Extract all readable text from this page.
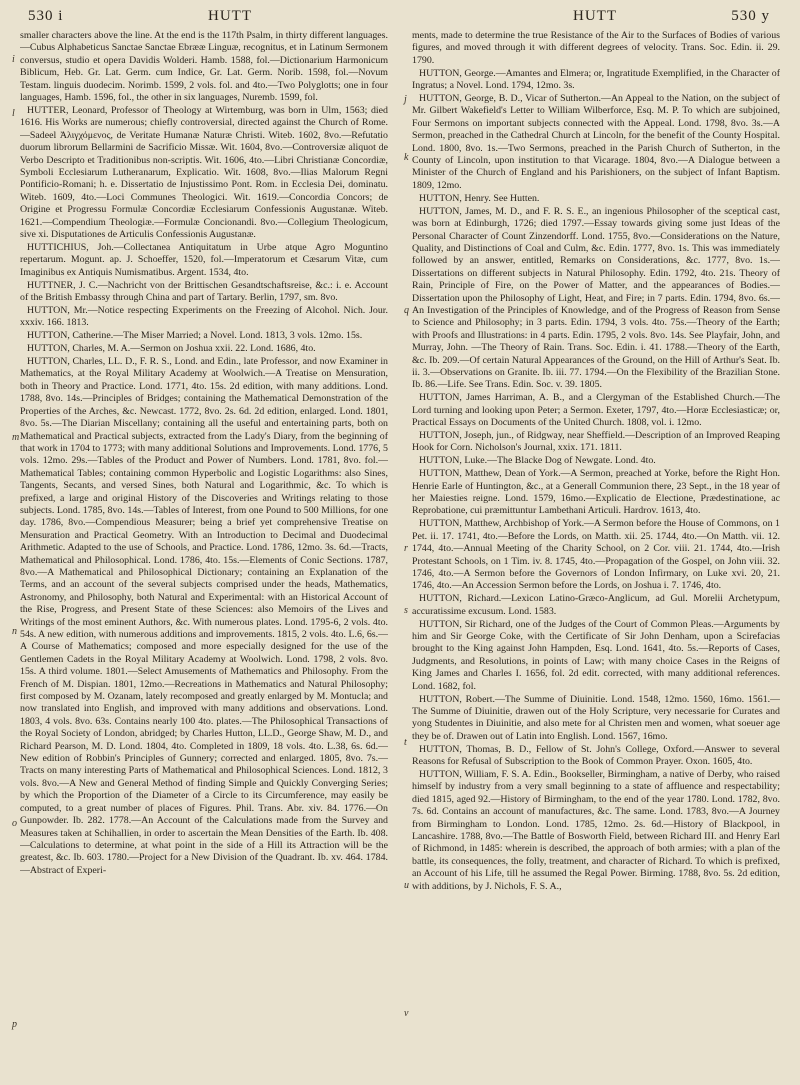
530 i	HUTT	HUTT	530 y

smaller characters above the line. At the end is the 117th Psalm, in thirty different languages.—Cubus Alphabeticus Sanctae Sanctae Ebrææ Linguæ, recognitus, et in Latinum Sermonem conversus, studio et opera Davidis Wolderi. Hamb. 1588, fol.—Dictionarium Harmonicum Biblicum, Heb. Gr. Lat. Germ. cum Indice, Gr. Lat. Germ. Norib. 1598, fol.—Novum Testam. linguis duodecim. Norimb. 1599, 2 vols. fol. and 4to.—Two Polyglotts; one in four languages, Hamb. 1596, fol., the other in six languages, Nuremb. 1599, fol.

HUTTER, Leonard, Professor of Theology at Wirtemburg, was born in Ulm, 1563; died 1616. His Works are numerous; chiefly controversial, directed against the Church of Rome.—Sadeel Ἀλιγχόμενος, de Veritate Humanæ Naturæ Christi. Witeb. 1602, 8vo.—Refutatio duorum librorum Bellarmini de Sacrificio Missæ. Wit. 1604, 8vo.—Controversiæ aliquot de Verbo Descripto et Traditionibus non-scriptis. Wit. 1606, 4to.—Libri Christianæ Concordiæ, Symboli Ecclesiarum Lutheranarum, Explicatio. Wit. 1608, 8vo.—Ilias Malorum Regni Pontificio-Romani; h. e. Dissertatio de Injustissimo Pont. Rom. in Ecclesia Dei, dominatu. Witeb. 1609, 4to.—Loci Communes Theologici. Wit. 1619.—Concordia Concors; de Origine et Progressu Formulæ Concordiæ Ecclesiarum Confessionis Augustanæ. Witeb. 1621.—Compendium Theologiæ.—Formulæ Concionandi. 8vo.—Collegium Theologicum, sive xi. Disputationes de Articulis Confessionis Augustanæ.

HUTTICHIUS, Joh.—Collectanea Antiquitatum in Urbe atque Agro Moguntino repertarum. Mogunt. ap. J. Schoeffer, 1520, fol.—Imperatorum et Cæsarum Vitæ, cum Imaginibus ex Antiquis Numismatibus. Argent. 1534, 4to.

HUTTNER, J. C.—Nachricht von der Brittischen Gesandtschaftsreise, &c.: i. e. Account of the British Embassy through China and part of Tartary. Berlin, 1797, sm. 8vo.

HUTTON, Mr.—Notice respecting Experiments on the Freezing of Alcohol. Nich. Jour. xxxiv. 166. 1813.

HUTTON, Catherine.—The Miser Married; a Novel. Lond. 1813, 3 vols. 12mo. 15s.

HUTTON, Charles, M. A.—Sermon on Joshua xxii. 22. Lond. 1686, 4to.

HUTTON, Charles, LL. D., F. R. S., Lond. and Edin., late Professor, and now Examiner in Mathematics, at the Royal Military Academy at Woolwich.—A Treatise on Mensuration, both in Theory and Practice. Lond. 1771, 4to. 15s. 2d edition, with many additions. Lond. 1788, 8vo. 14s.—Principles of Bridges; containing the Mathematical Demonstration of the Properties of the Arches, &c. Newcast. 1772, 8vo. 2s. 6d. 2d edition, enlarged. Lond. 1801, 8vo. 5s.—The Diarian Miscellany; containing all the useful and entertaining parts, both on Mathematical and Practical subjects, extracted from the Lady's Diary, from the beginning of that work in 1704 to 1773; with many additional Solutions and Improvements. Lond. 1776, 5 vols. 12mo. 29s.—Tables of the Product and Power of Numbers. Lond. 1781, 8vo. fol.—Mathematical Tables; containing common Hyperbolic and Logistic Logarithms: also Sines, Tangents, Secants, and versed Sines, both Natural and Logarithmic, &c. To which is prefixed, a large and original History of the Discoveries and Writings relating to those subjects. Lond. 1785, 8vo. 14s.—Tables of Interest, from one Pound to 500 Millions, for one day. 1786, 8vo.—Compendious Measurer; being a brief yet comprehensive Treatise on Mensuration and Practical Geometry. With an Introduction to Decimal and Duodecimal Arithmetic. Adapted to the use of Schools, and Practice. Lond. 1786, 12mo. 3s. 6d.—Tracts, Mathematical and Philosophical. Lond. 1786, 4to. 15s.—Elements of Conic Sections. 1787, 8vo.—A Mathematical and Philosophical Dictionary; containing an Explanation of the Terms, and an account of the several subjects comprised under the heads, Mathematics, Astronomy, and Philosophy, both Natural and Experimental: with an Historical Account of the Rise, Progress, and Present State of these Sciences: also Memoirs of the Lives and Writings of the most eminent Authors, &c. With numerous plates. Lond. 1795-6, 2 vols. 4to. 54s. A new edition, with numerous additions and improvements. 1815, 2 vols. 4to. L.6, 6s.—A Course of Mathematics; composed and more especially designed for the use of the Gentlemen Cadets in the Royal Military Academy at Woolwich. Lond. 1798, 2 vols. 8vo. 15s. A third volume. 1801.—Select Amusements of Mathematics and Philosophy. From the French of M. Dispian. 1801, 12mo.—Recreations in Mathematics and Natural Philosophy; first composed by M. Ozanam, lately recomposed and greatly enlarged by M. Montucla; and now translated into English, and improved with many additions and observations. Lond. 1803, 4 vols. 8vo. 63s. Contains nearly 100 4to. plates.—The Philosophical Transactions of the Royal Society of London, abridged; by Charles Hutton, LL.D., George Shaw, M. D., and Richard Pearson, M. D. Lond. 1804, 4to. Completed in 1809, 18 vols. 4to. L.38, 6s. 6d.—New edition of Robbin's Principles of Gunnery; corrected and enlarged. 1805, 8vo. 7s.—Tracts on many interesting Parts of Mathematical and Philosophical Sciences. Lond. 1812, 3 vols. 8vo.—A New and General Method of finding Simple and Quickly Converging Series; by which the Proportion of the Diameter of a Circle to its Circumference, may easily be computed, to a great number of places of Figures. Phil. Trans. Abr. xiv. 84. 1776.—On Gunpowder. Ib. 282. 1778.—An Account of the Calculations made from the Survey and Measures taken at Schihallien, in order to ascertain the Mean Densities of the Earth. Ib. 408.—Calculations to determine, at what point in the side of a Hill its Attraction will be the greatest, &c. Ib. 603. 1780.—Project for a New Division of the Quadrant. Ib. xv. 464. 1784.—Abstract of Experi-

ments, made to determine the true Resistance of the Air to the Surfaces of Bodies of various figures, and moved through it with different degrees of velocity. Trans. Soc. Edin. ii. 29. 1790.

HUTTON, George.—Amantes and Elmera; or, Ingratitude Exemplified, in the Character of Ingratus; a Novel. Lond. 1794, 12mo. 3s.

HUTTON, George, B. D., Vicar of Sutherton.—An Appeal to the Nation, on the subject of Mr. Gilbert Wakefield's Letter to William Wilberforce, Esq. M. P. To which are subjoined, Four Sermons on important subjects connected with the Appeal. Lond. 1798, 8vo. 3s.—A Sermon, preached in the Cathedral Church at Lincoln, for the benefit of the County Hospital. Lond. 1800, 8vo. 1s.—Two Sermons, preached in the Parish Church of Sutherton, in the County of Lincoln, upon institution to that Vicarage. 1804, 8vo.—A Dialogue between a Minister of the Church of England and his Parishioners, on the subject of Infant Baptism. 1809, 12mo.

HUTTON, Henry. See Hutten.

HUTTON, James, M. D., and F. R. S. E., an ingenious Philosopher of the sceptical cast, was born at Edinburgh, 1726; died 1797.—Essay towards giving some just Ideas of the Personal Character of Count Zinzendorff. Lond. 1755, 8vo.—Considerations on the Nature, Quality, and Distinctions of Coal and Culm, &c. Edin. 1777, 8vo. 1s. This was immediately followed by an answer, entitled, Remarks on Considerations, &c. 1777, 8vo. 1s.—Dissertations on different subjects in Natural Philosophy. Edin. 1792, 4to. 21s. Theory of Rain, Principle of Fire, on the Power of Matter, and the appearances of Bodies.—Dissertation upon the Philosophy of Light, Heat, and Fire; in 7 parts. Edin. 1794, 8vo. 6s.—An Investigation of the Principles of Knowledge, and of the Progress of Reason from Sense to Science and Philosophy; in 3 parts. Edin. 1794, 3 vols. 4to. 75s.—Theory of the Earth; with Proofs and Illustrations: in 4 parts. Edin. 1795, 2 vols. 8vo. 14s. See Playfair, John, and Murray, John. —The Theory of Rain. Trans. Soc. Edin. i. 41. 1788.—Theory of the Earth, &c. Ib. 209.—Of certain Natural Appearances of the Ground, on the Hill of Arthur's Seat. Ib. ii. 3.—Observations on Granite. Ib. iii. 77. 1794.—On the Flexibility of the Brazilian Stone. Ib. 86.—Life. See Trans. Edin. Soc. v. 39. 1805.

HUTTON, James Harriman, A. B., and a Clergyman of the Established Church.—The Lord turning and looking upon Peter; a Sermon. Exeter, 1797, 4to.—Horæ Ecclesiasticæ; or, Practical Essays on Documents of the United Church. 1808, vol. i. 12mo.

HUTTON, Joseph, jun., of Ridgway, near Sheffield.—Description of an Improved Reaping Hook for Corn. Nicholson's Journal, xxix. 171. 1811.

HUTTON, Luke.—The Blacke Dog of Newgate. Lond. 4to.

HUTTON, Matthew, Dean of York.—A Sermon, preached at Yorke, before the Right Hon. Henrie Earle of Huntington, &c., at a Generall Communion there, 23 Sept., in the 18 year of her Maiesties reigne. Lond. 1579, 16mo.—Explicatio de Electione, Prædestinatione, ac Reprobatione, cui præmittuntur Lambethani Articuli. Hardrov. 1613, 4to.

HUTTON, Matthew, Archbishop of York.—A Sermon before the House of Commons, on 1 Pet. ii. 17. 1741, 4to.—Before the Lords, on Matth. xii. 25. 1744, 4to.—On Matth. vii. 12. 1744, 4to.—Annual Meeting of the Charity School, on 2 Cor. viii. 21. 1744, 4to.—Irish Protestant Schools, on 1 Tim. iv. 8. 1745, 4to.—Propagation of the Gospel, on John viii. 32. 1746, 4to.—A Sermon before the Governors of London Infirmary, on Luke xvi. 20, 21. 1746, 4to.—An Accession Sermon before the Lords, on Joshua i. 7. 1746, 4to.

HUTTON, Richard.—Lexicon Latino-Græco-Anglicum, ad Gul. Morelii Archetypum, accuratissime excusum. Lond. 1583.

HUTTON, Sir Richard, one of the Judges of the Court of Common Pleas.—Arguments by him and Sir George Coke, with the Certificate of Sir John Denham, upon a Scirefacias brought to the King against John Hampden, Esq. Lond. 1641, 4to. 5s.—Reports of Cases, Judgments, and Resolutions, in points of Law; with many choice Cases in the Reigns of King James and Charles I. 1656, fol. 2d edit. corrected, with many additional references. Lond. 1682, fol.

HUTTON, Robert.—The Summe of Diuinitie. Lond. 1548, 12mo. 1560, 16mo. 1561.—The Summe of Diuinitie, drawen out of the Holy Scripture, very necessarie for Curates and yong Studentes in Diuinitie, and also mete for al Christen men and women, what soeuer age they be of. Drawen out of Latin into English. Lond. 1567, 16mo.

HUTTON, Thomas, B. D., Fellow of St. John's College, Oxford.—Answer to several Reasons for Refusal of Subscription to the Book of Common Prayer. Oxon. 1605, 4to.

HUTTON, William, F. S. A. Edin., Bookseller, Birmingham, a native of Derby, who raised himself by industry from a very small beginning to a state of affluence and respectability; died 1815, aged 92.—History of Birmingham, to the end of the year 1780. Lond. 1782, 8vo. 7s. 6d. Contains an account of manufactures, &c. The same. Lond. 1783, 8vo.—A Journey from Birmingham to London. Lond. 1785, 12mo. 2s. 6d.—History of Blackpool, in Lancashire. 1788, 8vo.—The Battle of Bosworth Field, between Richard III. and Henry Earl of Richmond, in 1485: wherein is described, the approach of both armies; with a plan of the battle, its consequences, the folly, treatment, and character of Richard. To which is prefixed, an Account of his Life, till he assumed the Regal Power. Birming. 1788, 8vo. 5s. 2d edition, with additions, by J. Nichols, F. S. A.,

i
j
k
l
m
n
o
p
q
r
s
t
u
v
